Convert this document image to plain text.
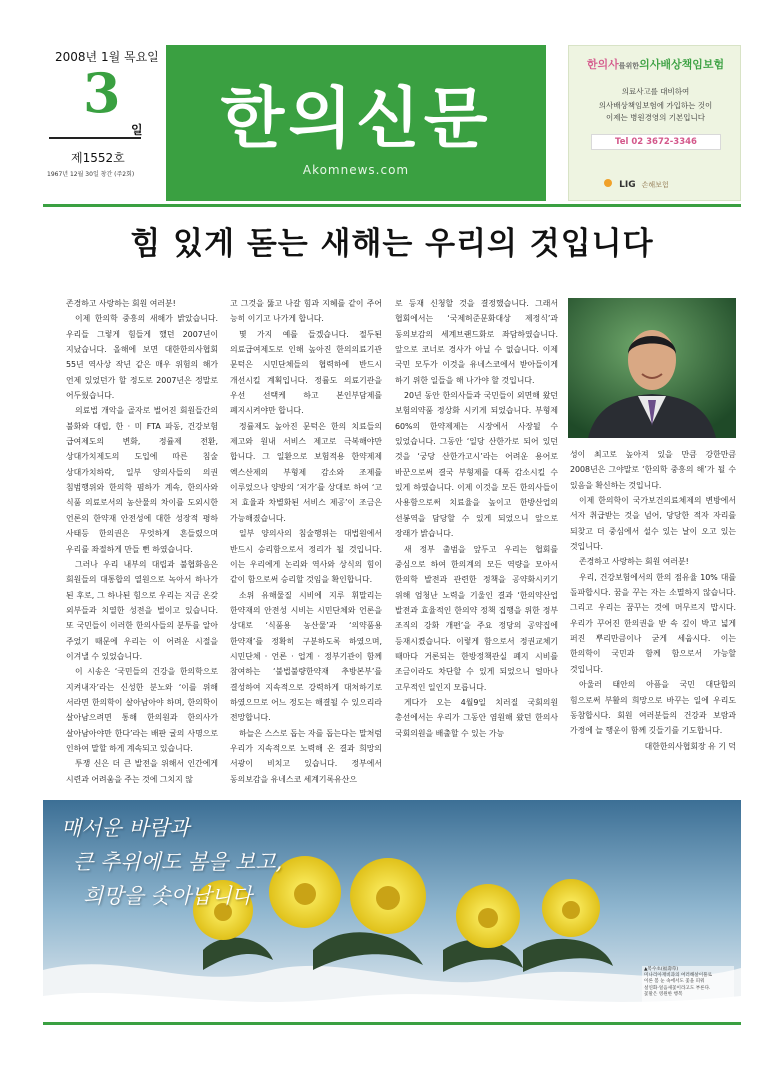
2008년 1월 목요일
3
일
제1552호
1967년 12월 30일 창간 (주2회)
한의신문
Akomnews.com
한의사를위한의사배상책임보험
의료사고를 대비하여
의사배상책임보험에 가입하는 것이
이제는 병원경영의 기본입니다
Tel 02 3672-3346
LIG 손해보험
힘 있게 돋는 새해는 우리의 것입니다

존경하고 사랑하는 회원 여러분!

이제 한의학 중흥의 새해가 밝았습니다. 우리들 그렇게 힘들게 했던 2007년이 지났습니다. 올해에 보면 대한한의사협회 55년 역사상 작년 같은 매우 위험의 해가 언제 있었던가 할 정도로 2007년은 정말로 어두웠습니다.

의료법 개악을 골자로 벌어진 회원들간의 불화와 대립, 한 · 미 FTA 파동, 건강보험 급여제도의 변화, 정률제 전환, 상대가치제도의 도입에 따른 침술 상대가치하락, 일부 양의사들의 의권 침범행위와 한의학 폄하가 계속, 한의사와 식품 의료로서의 농산물의 차이를 도외시한 언론의 한약재 안전성에 대한 성장적 평하 사태등 한의권은 무엇하게 흔들렸으며 우리를 좌절하게 만들 뻔 하였습니다.

그러나 우리 내부의 대립과 불협화음은 회원들의 대통합의 열원으로 녹아서 하나가 된 후로, 그 하나된 힘으로 우리는 지금 온갖 외부들과 치열한 성전을 벌이고 있습니다. 또 국민들이 이러한 한의사들의 분투를 알아 주었기 때문에 우리는 이 어려운 시절을 이겨낼 수 있었습니다.

이 시송은 ‘국민들의 건강을 한의학으로 지켜내자’라는 신성한 분노와 ‘이를 위해 서라면 한의학이 살아남아야 하며, 한의학이 살아남으려면 통해 한의원과 한의사가 살아남아야만 한다’라는 배판 굴의 사명으로 인하여 말할 하게 계속되고 있습니다.

투쟁 신은 더 큰 발전을 위해서 인간에게 시련과 어려움을 주는 것에 그치지 않

고 그것을 뚫고 나갈 힘과 지혜를 같이 주어 능히 이기고 나가게 합니다.

몇 가지 예를 들겠습니다. 절두된 의료급여제도로 인해 높아진 한의의료기관 문턱은 시민단체들의 협력하에 반드시 개선시킬 계획입니다. 정률도 의료기관을 우선 선택케 하고 본인부담제를 폐지시켜야만 합니다.

정률제도 높아진 문턱은 한의 치료들의 제고와 원내 서비스 제고로 극복해야만 합니다. 그 일환으로 보험적용 한약제제 엑스산제의 부형제 감소와 조제를 이루었으나 양방의 ‘저가’를 상대로 하여 ‘고 저 효율과 차별화된 서비스 제공’이 조금은 가능해졌습니다.

일부 양의사의 침술행위는 대법원에서 반드시 승리함으로서 정리가 될 것입니다. 이는 우리에게 논리와 역사와 상식의 힘이 같이 함으로써 승리할 것임을 확인합니다.

소위 유해물질 시비에 지루 휘말리는 한약재의 안전성 시비는 시민단체와 언론을 상대로 ‘식품용 농산물’과 ‘의약품용 한약재’를 정확히 구분하도록 하였으며, 시민단체 · 언론 · 업계 · 정부기관이 함께 참여하는 ‘불법불량한약재 추방본부’를 결성하여 지속적으로 강력하게 대처하기로 하였으므로 어느 정도는 해결될 수 있으리라 전망합니다.

하늘은 스스로 돕는 자를 돕는다는 말처럼 우리가 지속적으로 노력해 온 결과 희망의 서광이 비치고 있습니다. 정부에서 동의보감을 유네스코 세계기록유산으

로 등재 신청할 것을 결정했습니다. 그래서 협회에서는 ‘국제허준문화대상 제정식’과 동의보감의 세계브랜드화로 좌담하였습니다. 앞으로 코너로 경사가 아닐 수 없습니다. 이제 국민 모두가 이것을 유네스코에서 받아들이게 하기 위한 일들을 해 나가야 할 것입니다.

20년 동안 한의사들과 국민들이 외면해 왔던 보험의약품 정상화 시키게 되었습니다. 부형제 60%의 한약제제는 시장에서 사장될 수 있었습니다. 그동안 ‘일당 산한가로 되어 있던 것을 ‘궁당 산한가고시’라는 어려운 용어로 바꾼으로써 결국 부형제를 대폭 감소시킬 수 있게 하였습니다. 이제 이것을 모든 한의사들이 사용함으로써 치료율을 높이고 한방산업의 선봉역을 담당할 수 있게 되었으니 앞으로 장래가 밝습니다.

새 정부 출범을 앞두고 우리는 협회를 중심으로 하여 한의계의 모든 역량을 모아서 한의학 발전과 관련한 정책을 공약화시키기 위해 엄청난 노력을 기울인 결과 ‘한의약산업 발전과 효율적인 한의약 정책 집행을 위한 정부 조직의 강화 개편’을 주요 정당의 공약집에 등재시켰습니다. 이렇게 함으로서 정권교체기 때마다 거론되는 한방정책관실 폐지 시비를 조금이라도 차단할 수 있게 되었으니 얼마나 고무적인 일인지 모릅니다.

게다가 오는 4월9일 치러질 국회의원 총선에서는 우리가 그동안 염원해 왔던 한의사 국회의원을 배출할 수 있는 가능

성이 최고로 높아져 있을 만큼 강한만큼 2008년은 그야말로 ‘한의학 중흥의 해’가 될 수 있음을 확신하는 것입니다.

이제 한의학이 국가보건의료체제의 변방에서 서자 취급받는 것을 넘어, 당당한 적자 자리를 되찾고 더 중심에서 설수 있는 날이 오고 있는 것입니다.

존경하고 사랑하는 회원 여러분!

우리, 건강보험에서의 한의 점유율 10% 대를 돌파합시다. 꿈을 꾸는 자는 소멸하지 않습니다. 그리고 우리는 꿈꾸는 것에 머무르지 맙시다. 우리가 꾸어진 한의권을 받 속 깊이 박고 넓게 퍼진 뿌리만큼이나 굳게 세웁시다. 이는 한의학이 국민과 함께 함으로서 가능할 것입니다.

아울러 태안의 아픔을 국민 대단합의 힘으로써 부활의 희망으로 바꾸는 일에 우리도 동참합시다. 회원 여러분들의 건강과 보람과 가정에 늘 행운이 함께 깃들기를 기도합니다.

대한한의사협회장 유 기 덕

매서운 바람과
큰 추위에도 봄을 보고,
희망을 솟아납니다
▲복수초(福壽草)
미나리아재비과의 여러해살이풀로
이른 봄 눈 속에서도 꽃을 피워
설연화·얼음새꽃이라고도 부른다.
꽃말은 영원한 행복
